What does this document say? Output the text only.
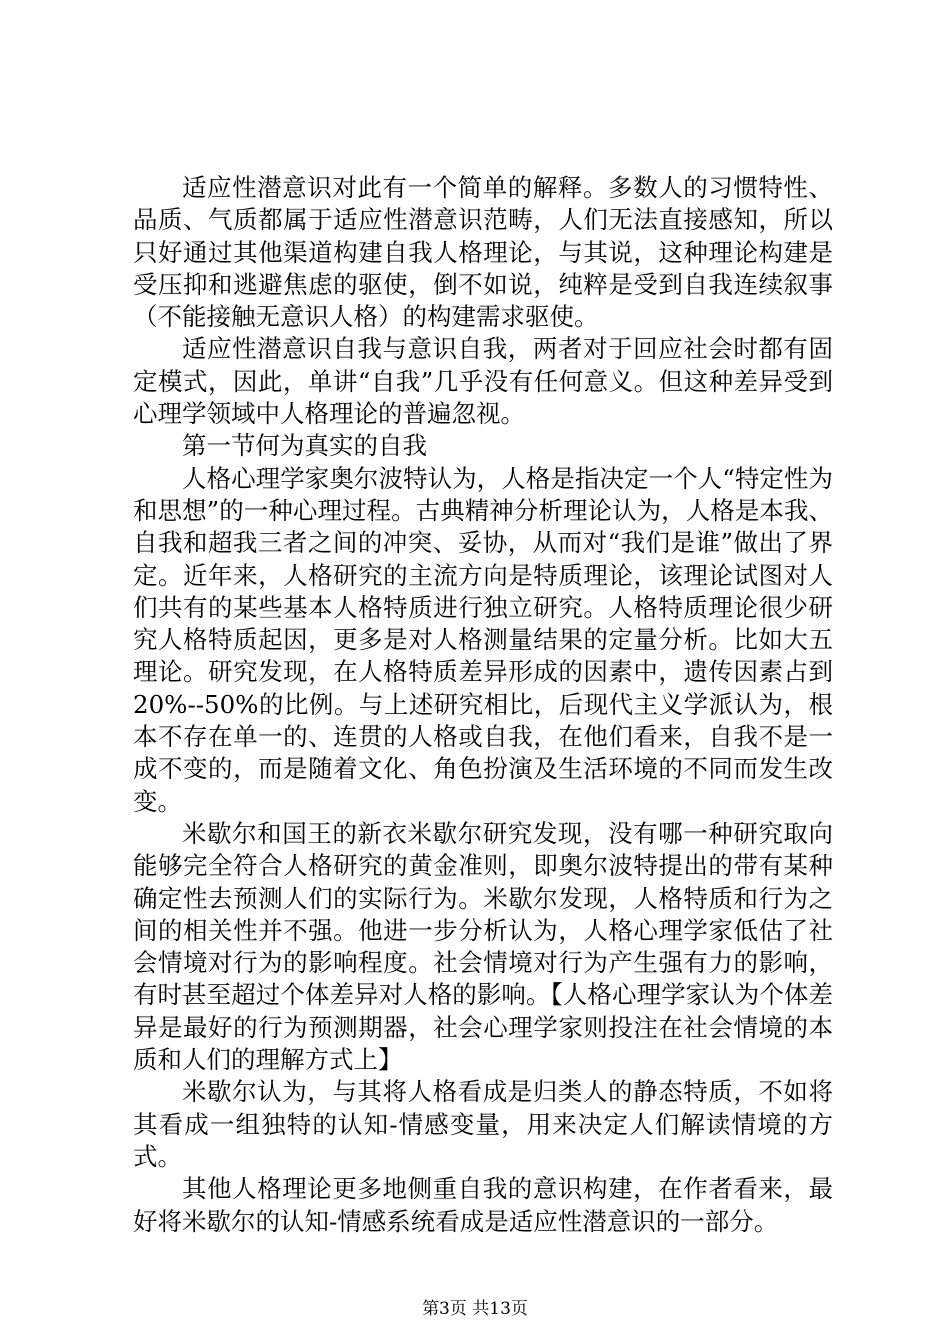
适应性潜意识对此有一个简单的解释。多数人的习惯特性、品质、气质都属于适应性潜意识范畴，人们无法直接感知，所以只好通过其他渠道构建自我人格理论，与其说，这种理论构建是受压抑和逃避焦虑的驱使，倒不如说，纯粹是受到自我连续叙事（不能接触无意识人格）的构建需求驱使。

适应性潜意识自我与意识自我，两者对于回应社会时都有固定模式，因此，单讲“自我”几乎没有任何意义。但这种差异受到心理学领域中人格理论的普遍忽视。

第一节何为真实的自我

人格心理学家奥尔波特认为，人格是指决定一个人“特定性为和思想”的一种心理过程。古典精神分析理论认为，人格是本我、自我和超我三者之间的冲突、妥协，从而对“我们是谁”做出了界定。近年来，人格研究的主流方向是特质理论，该理论试图对人们共有的某些基本人格特质进行独立研究。人格特质理论很少研究人格特质起因，更多是对人格测量结果的定量分析。比如大五理论。研究发现，在人格特质差异形成的因素中，遗传因素占到20%--50%的比例。与上述研究相比，后现代主义学派认为，根本不存在单一的、连贯的人格或自我，在他们看来，自我不是一成不变的，而是随着文化、角色扮演及生活环境的不同而发生改变。

米歇尔和国王的新衣米歇尔研究发现，没有哪一种研究取向能够完全符合人格研究的黄金准则，即奥尔波特提出的带有某种确定性去预测人们的实际行为。米歇尔发现，人格特质和行为之间的相关性并不强。他进一步分析认为，人格心理学家低估了社会情境对行为的影响程度。社会情境对行为产生强有力的影响，有时甚至超过个体差异对人格的影响。【人格心理学家认为个体差异是最好的行为预测期器，社会心理学家则投注在社会情境的本质和人们的理解方式上】

米歇尔认为，与其将人格看成是归类人的静态特质，不如将其看成一组独特的认知-情感变量，用来决定人们解读情境的方式。

其他人格理论更多地侧重自我的意识构建，在作者看来，最好将米歇尔的认知-情感系统看成是适应性潜意识的一部分。

第3页 共13页
